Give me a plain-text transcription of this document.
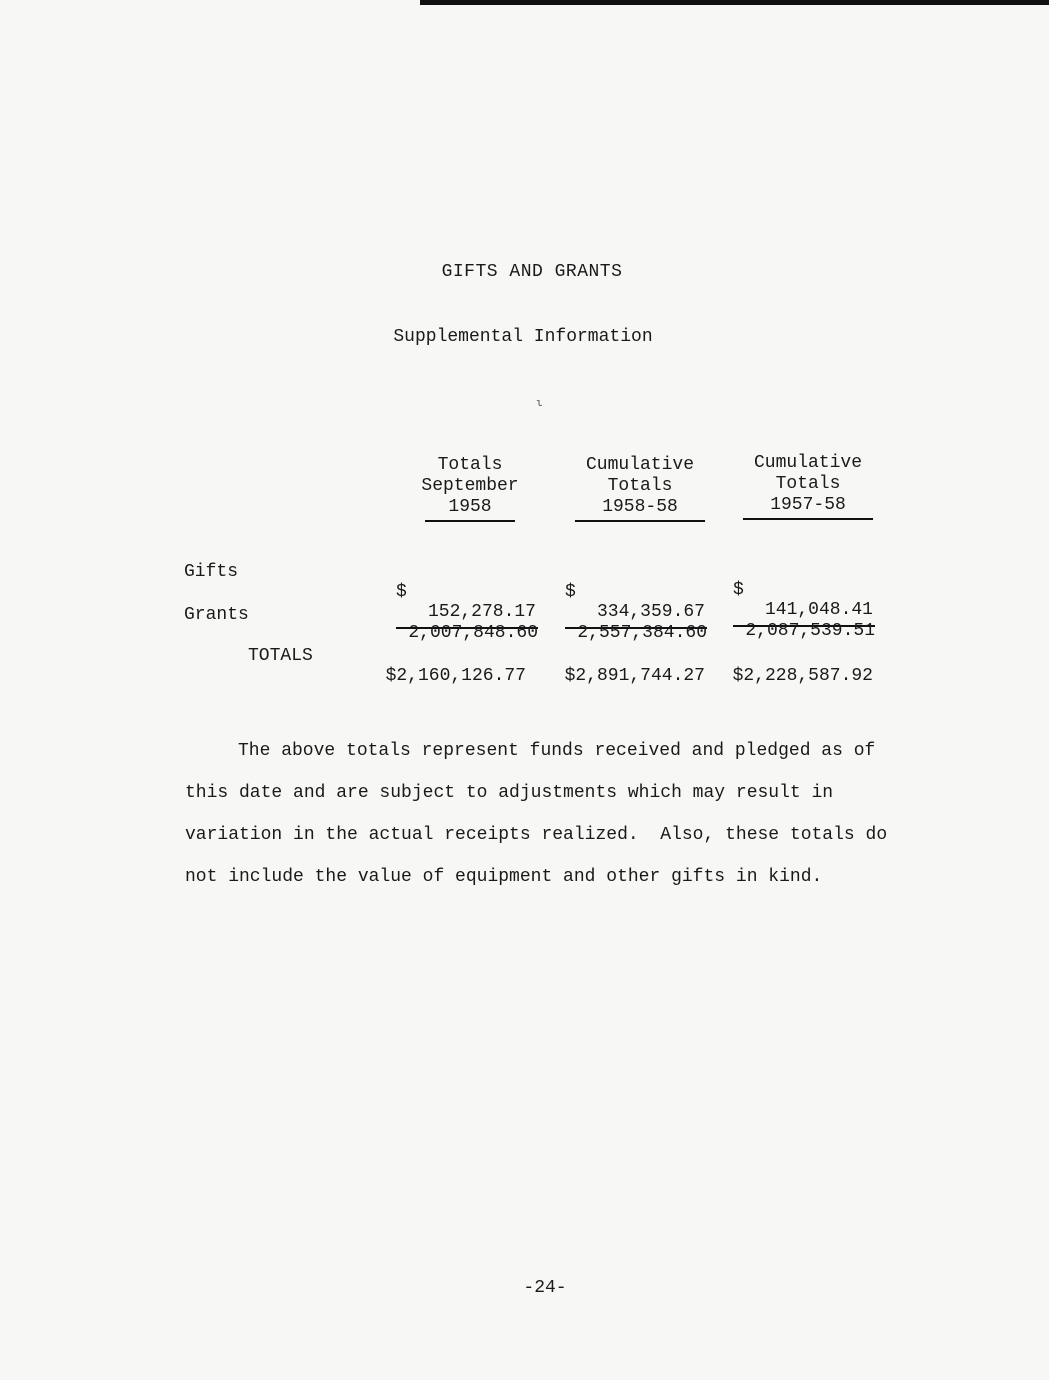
GIFTS AND GRANTS
Supplemental Information
ι
Totals
September
1958
Cumulative
Totals
1958-58
Cumulative
Totals
1957-58
Gifts
Grants
TOTALS

$

152,278.17

$

334,359.67

$

141,048.41

2,007,848.60

2,557,384.60

2,087,539.51

$2,160,126.77

$2,891,744.27

$2,228,587.92

The above totals represent funds received and pledged as of
this date and are subject to adjustments which may result in
variation in the actual receipts realized.  Also, these totals do
not include the value of equipment and other gifts in kind.
-24-
